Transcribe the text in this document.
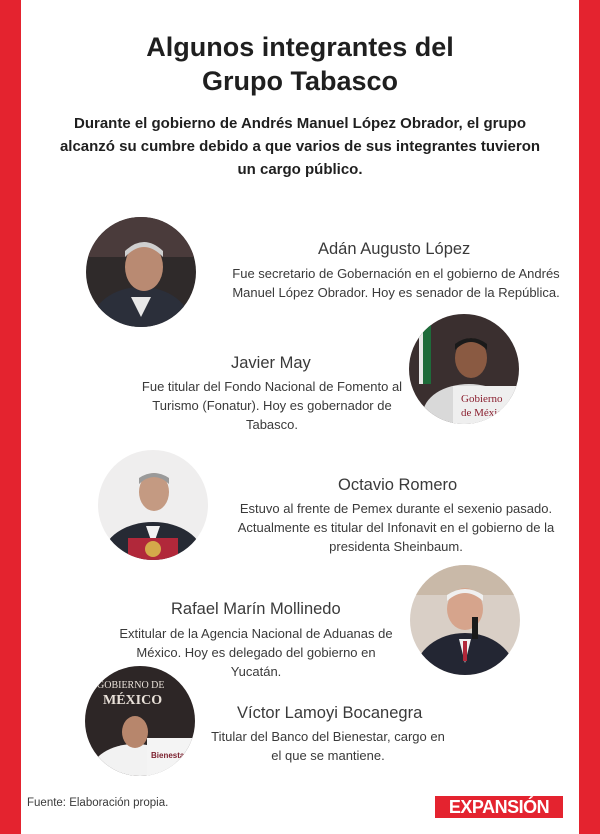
Algunos integrantes del
Grupo Tabasco
Durante el gobierno de Andrés Manuel López Obrador, el grupo alcanzó su cumbre debido a que varios de sus integrantes tuvieron un cargo público.
Adán Augusto López
Fue secretario de Gobernación en el gobierno de Andrés Manuel López Obrador. Hoy es senador de la República.
Gobierno
de México
Javier May
Fue titular del Fondo Nacional de Fomento al Turismo (Fonatur). Hoy es gobernador de Tabasco.
Octavio Romero
Estuvo al frente de Pemex durante el sexenio pasado. Actualmente es titular del Infonavit en el gobierno de la presidenta Sheinbaum.
Rafael Marín Mollinedo
Extitular de la Agencia Nacional de Aduanas de México. Hoy es delegado del gobierno en Yucatán.
GOBIERNO DE
MÉXICO
Bienestar
Víctor Lamoyi Bocanegra
Titular del Banco del Bienestar, cargo en el que se mantiene.
Fuente: Elaboración propia.	EXPANSIÓN
